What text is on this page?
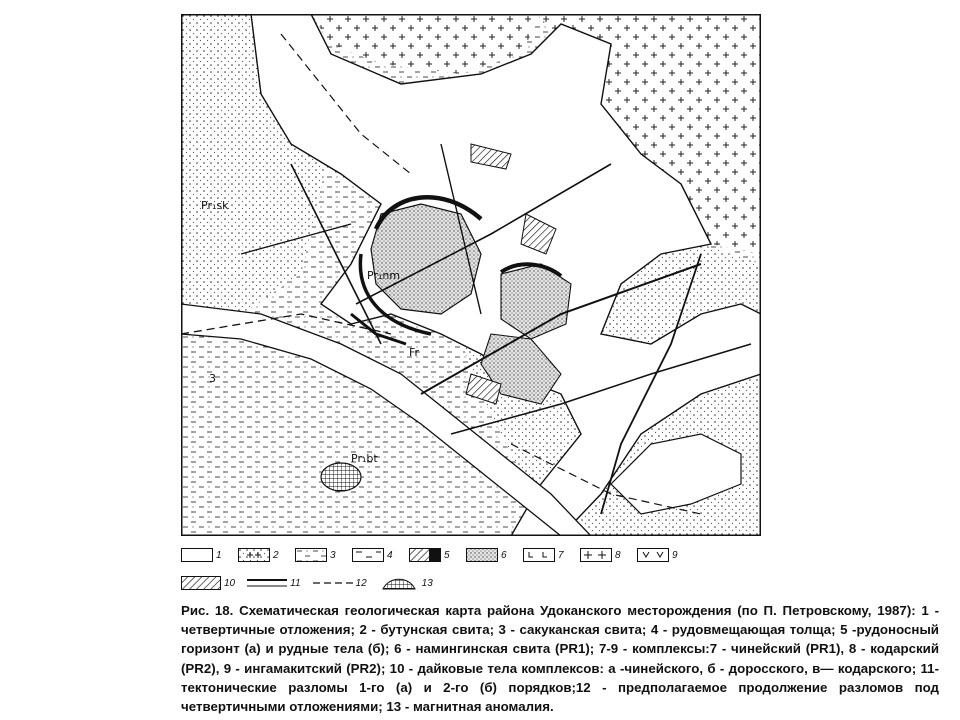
Pr₁sk
Pr₁nm
Pr₁bt
3
Fr
1	2	3	4	5	6	7	8	9
10	11	12	13

Рис. 18. Схематическая геологическая карта района Удоканского месторождения (по П. Петровскому, 1987): 1 - четвертичные отложения; 2 - бутунская свита; 3 - сакуканская свита; 4 - рудовмещающая толща; 5 -рудоносный горизонт (а) и рудные тела (б); 6 - намингинская свита (PR1); 7-9 - комплексы:7 - чинейский (PR1), 8 - кодарский (PR2), 9 - ингамакитский (PR2); 10 - дайковые тела комплексов: а -чинейского, б - доросского, в— кодарского; 11- тектонические разломы 1-го (а) и 2-го (б) порядков;12 - предполагаемое продолжение разломов под четвертичными отложениями; 13 - магнитная аномалия.
